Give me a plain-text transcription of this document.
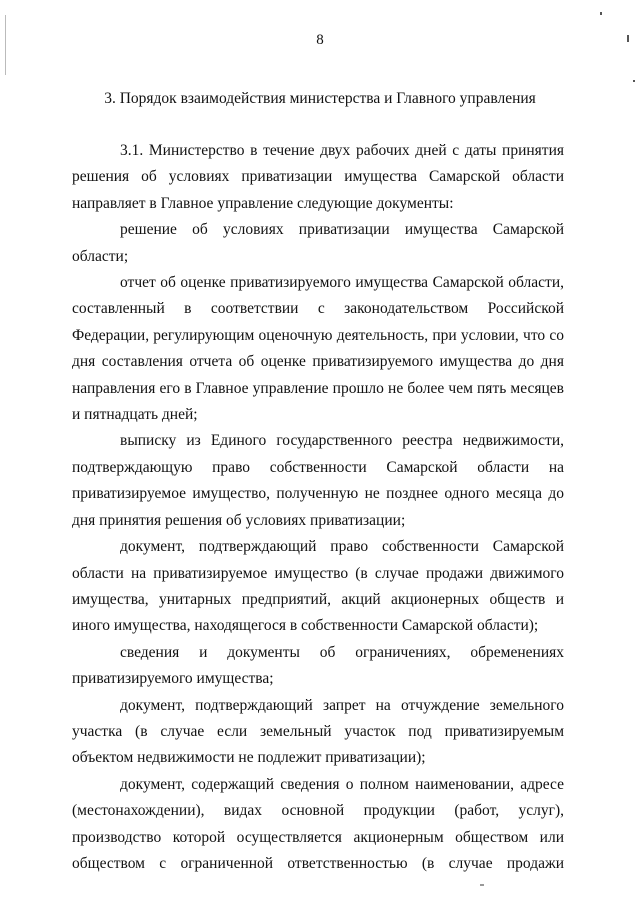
8
3. Порядок взаимодействия министерства и Главного управления

3.1. Министерство в течение двух рабочих дней с даты принятия решения об условиях приватизации имущества Самарской области направляет в Главное управление следующие документы:

решение об условиях приватизации имущества Самарской области;

отчет об оценке приватизируемого имущества Самарской области, составленный в соответствии с законодательством Российской Федерации, регулирующим оценочную деятельность, при условии, что со дня составления отчета об оценке приватизируемого имущества до дня направления его в Главное управление прошло не более чем пять месяцев и пятнадцать дней;

выписку из Единого государственного реестра недвижимости, подтверждающую право собственности Самарской области на приватизируемое имущество, полученную не позднее одного месяца до дня принятия решения об условиях приватизации;

документ, подтверждающий право собственности Самарской области на приватизируемое имущество (в случае продажи движимого имущества, унитарных предприятий, акций акционерных обществ и иного имущества, находящегося в собственности Самарской области);

сведения и документы об ограничениях, обременениях приватизируемого имущества;

документ, подтверждающий запрет на отчуждение земельного участка (в случае если земельный участок под приватизируемым объектом недвижимости не подлежит приватизации);

документ, содержащий сведения о полном наименовании, адресе (местонахождении), видах основной продукции (работ, услуг), производство которой осуществляется акционерным обществом или обществом с ограниченной ответственностью (в случае продажи
